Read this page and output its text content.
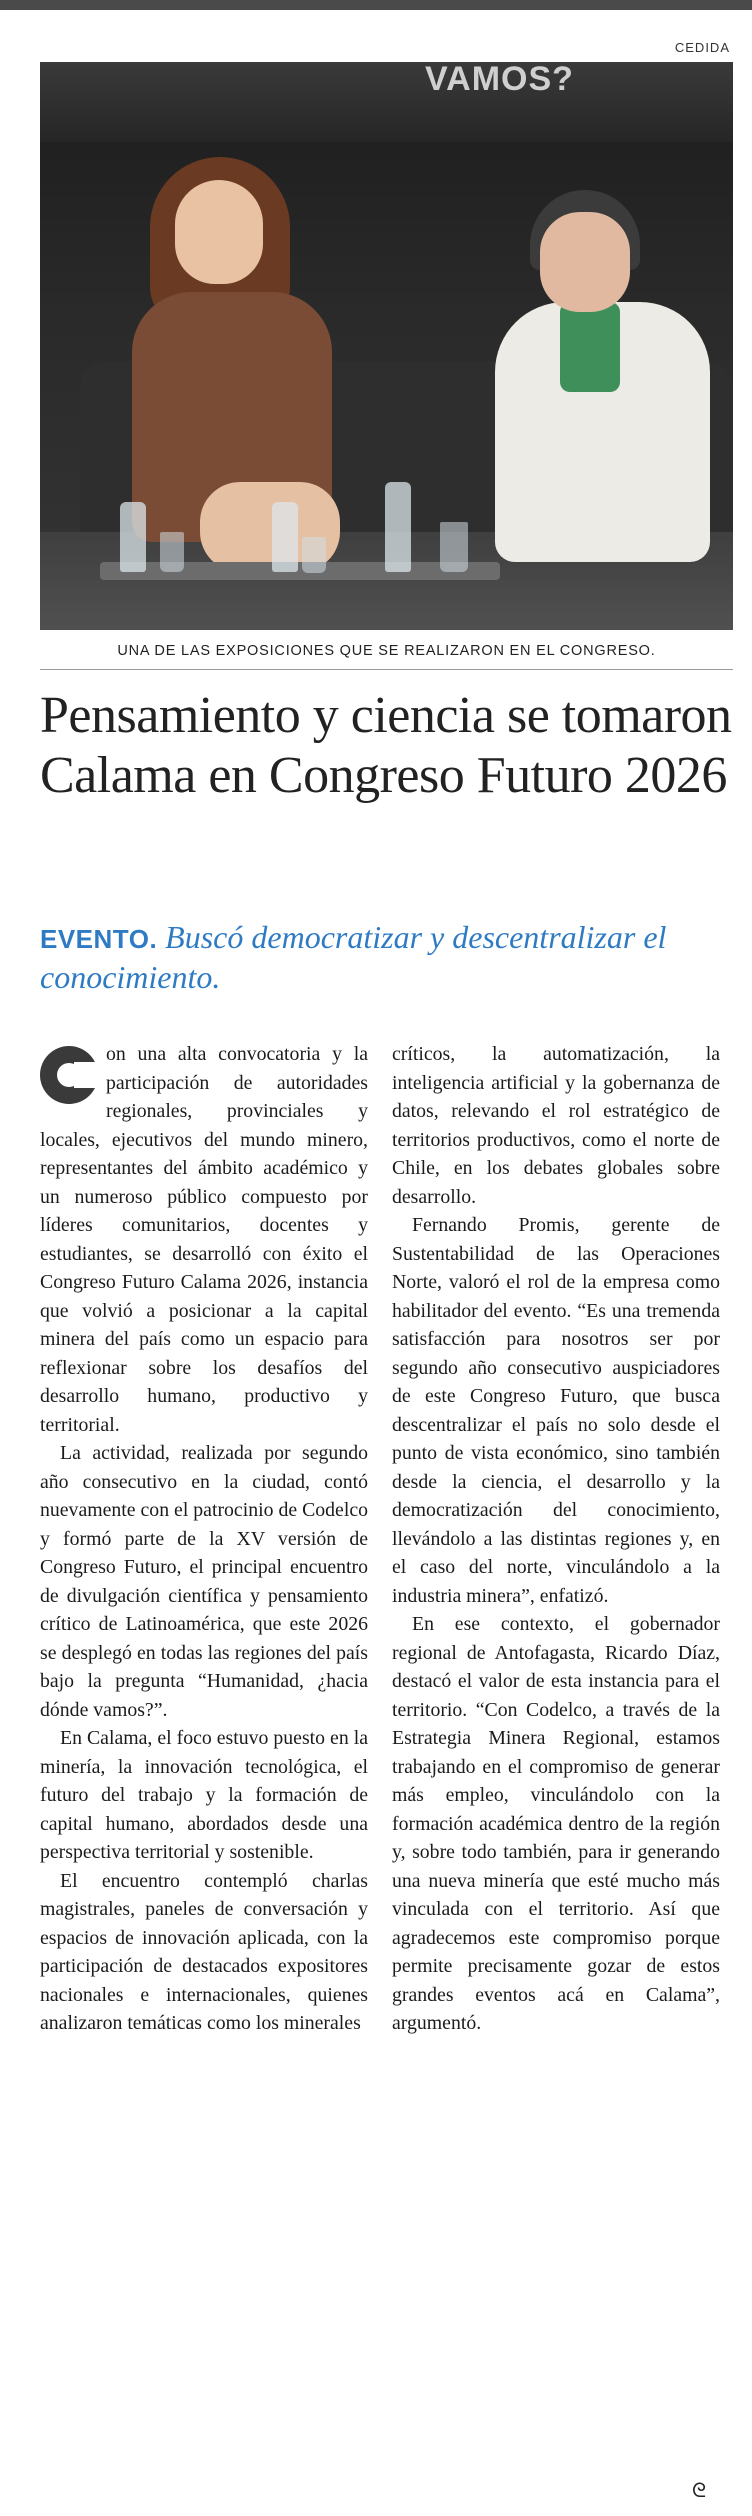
CEDIDA
VAMOS?
UNA DE LAS EXPOSICIONES QUE SE REALIZARON EN EL CONGRESO.
Pensamiento y ciencia se tomaron Calama en Congreso Futuro 2026
EVENTO. Buscó democratizar y descentralizar el conocimiento.

on una alta convocatoria y la participación de autoridades regionales, provinciales y locales, ejecutivos del mundo minero, representantes del ámbito académico y un numeroso público compuesto por líderes comunitarios, docentes y estudiantes, se desarrolló con éxito el Congreso Futuro Calama 2026, instancia que volvió a posicionar a la capital minera del país como un espacio para reflexionar sobre los desafíos del desarrollo humano, productivo y territorial.

La actividad, realizada por segundo año consecutivo en la ciudad, contó nuevamente con el patrocinio de Codelco y formó parte de la XV versión de Congreso Futuro, el principal encuentro de divulgación científica y pensamiento crítico de Latinoamérica, que este 2026 se desplegó en todas las regiones del país bajo la pregunta “Humanidad, ¿hacia dónde vamos?”.

En Calama, el foco estuvo puesto en la minería, la innovación tecnológica, el futuro del trabajo y la formación de capital humano, abordados desde una perspectiva territorial y sostenible.

El encuentro contempló charlas magistrales, paneles de conversación y espacios de innovación aplicada, con la participación de destacados expositores nacionales e internacionales, quienes analizaron temáticas como los minerales

críticos, la automatización, la inteligencia artificial y la gobernanza de datos, relevando el rol estratégico de territorios productivos, como el norte de Chile, en los debates globales sobre desarrollo.

Fernando Promis, gerente de Sustentabilidad de las Operaciones Norte, valoró el rol de la empresa como habilitador del evento. “Es una tremenda satisfacción para nosotros ser por segundo año consecutivo auspiciadores de este Congreso Futuro, que busca descentralizar el país no solo desde el punto de vista económico, sino también desde la ciencia, el desarrollo y la democratización del conocimiento, llevándolo a las distintas regiones y, en el caso del norte, vinculándolo a la industria minera”, enfatizó.

En ese contexto, el gobernador regional de Antofagasta, Ricardo Díaz, destacó el valor de esta instancia para el territorio. “Con Codelco, a través de la Estrategia Minera Regional, estamos trabajando en el compromiso de generar más empleo, vinculándolo con la formación académica dentro de la región y, sobre todo también, para ir generando una nueva minería que esté mucho más vinculada con el territorio. Así que agradecemos este compromiso porque permite precisamente gozar de estos grandes eventos acá en Calama”, argumentó.

ᘓ
